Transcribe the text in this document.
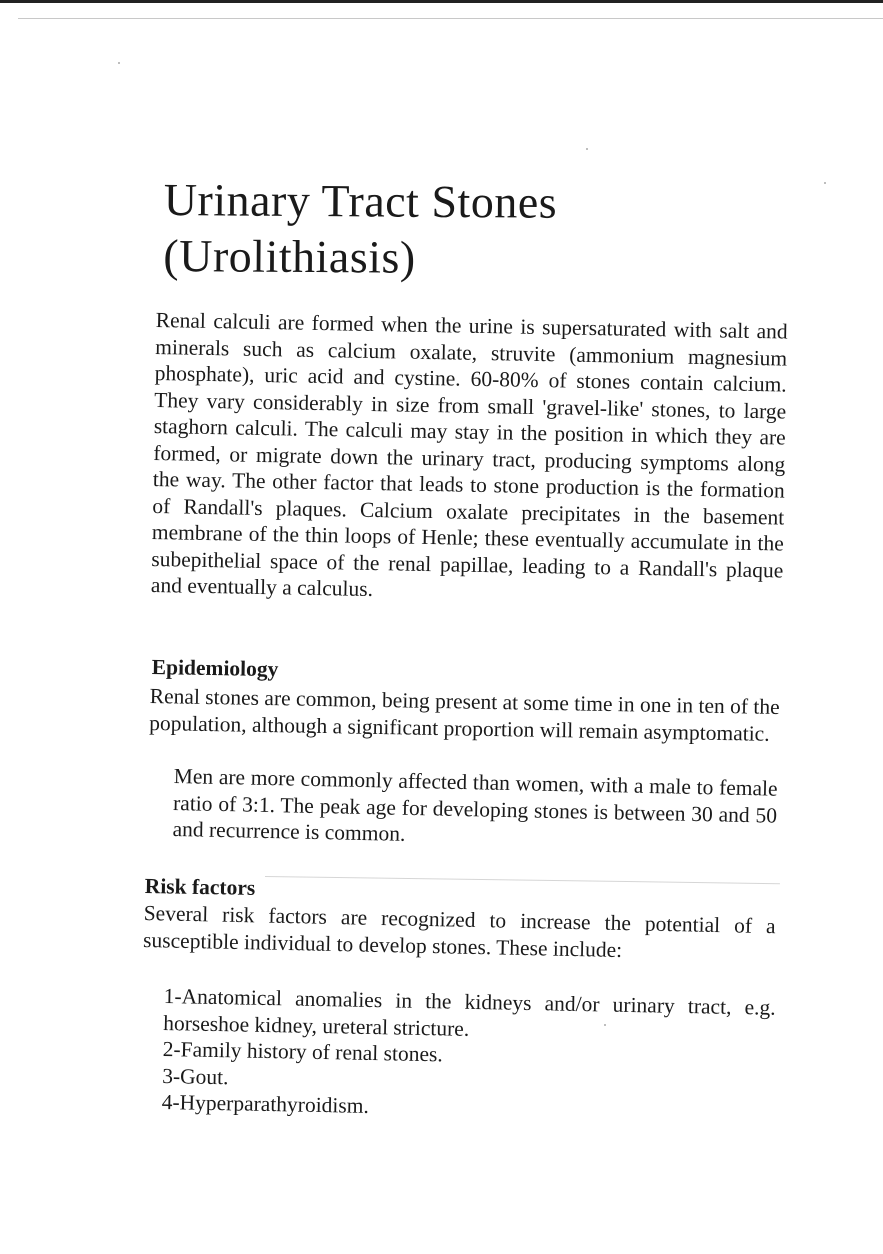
Urinary Tract Stones (Urolithiasis)

Renal calculi are formed when the urine is supersaturated with salt and minerals such as calcium oxalate, struvite (ammonium magnesium phosphate), uric acid and cystine. 60-80% of stones contain calcium. They vary considerably in size from small 'gravel-like' stones, to large staghorn calculi. The calculi may stay in the position in which they are formed, or migrate down the urinary tract, producing symptoms along the way. The other factor that leads to stone production is the formation of Randall's plaques. Calcium oxalate precipitates in the basement membrane of the thin loops of Henle; these eventually accumulate in the subepithelial space of the renal papillae, leading to a Randall's plaque and eventually a calculus.

Epidemiology

Renal stones are common, being present at some time in one in ten of the population, although a significant proportion will remain asymptomatic.

Men are more commonly affected than women, with a male to female ratio of 3:1. The peak age for developing stones is between 30 and 50 and recurrence is common.

Risk factors

Several risk factors are recognized to increase the potential of a susceptible individual to develop stones. These include:

1-Anatomical anomalies in the kidneys and/or urinary tract, e.g. horseshoe kidney, ureteral stricture.
2-Family history of renal stones.
3-Gout.
4-Hyperparathyroidism.
